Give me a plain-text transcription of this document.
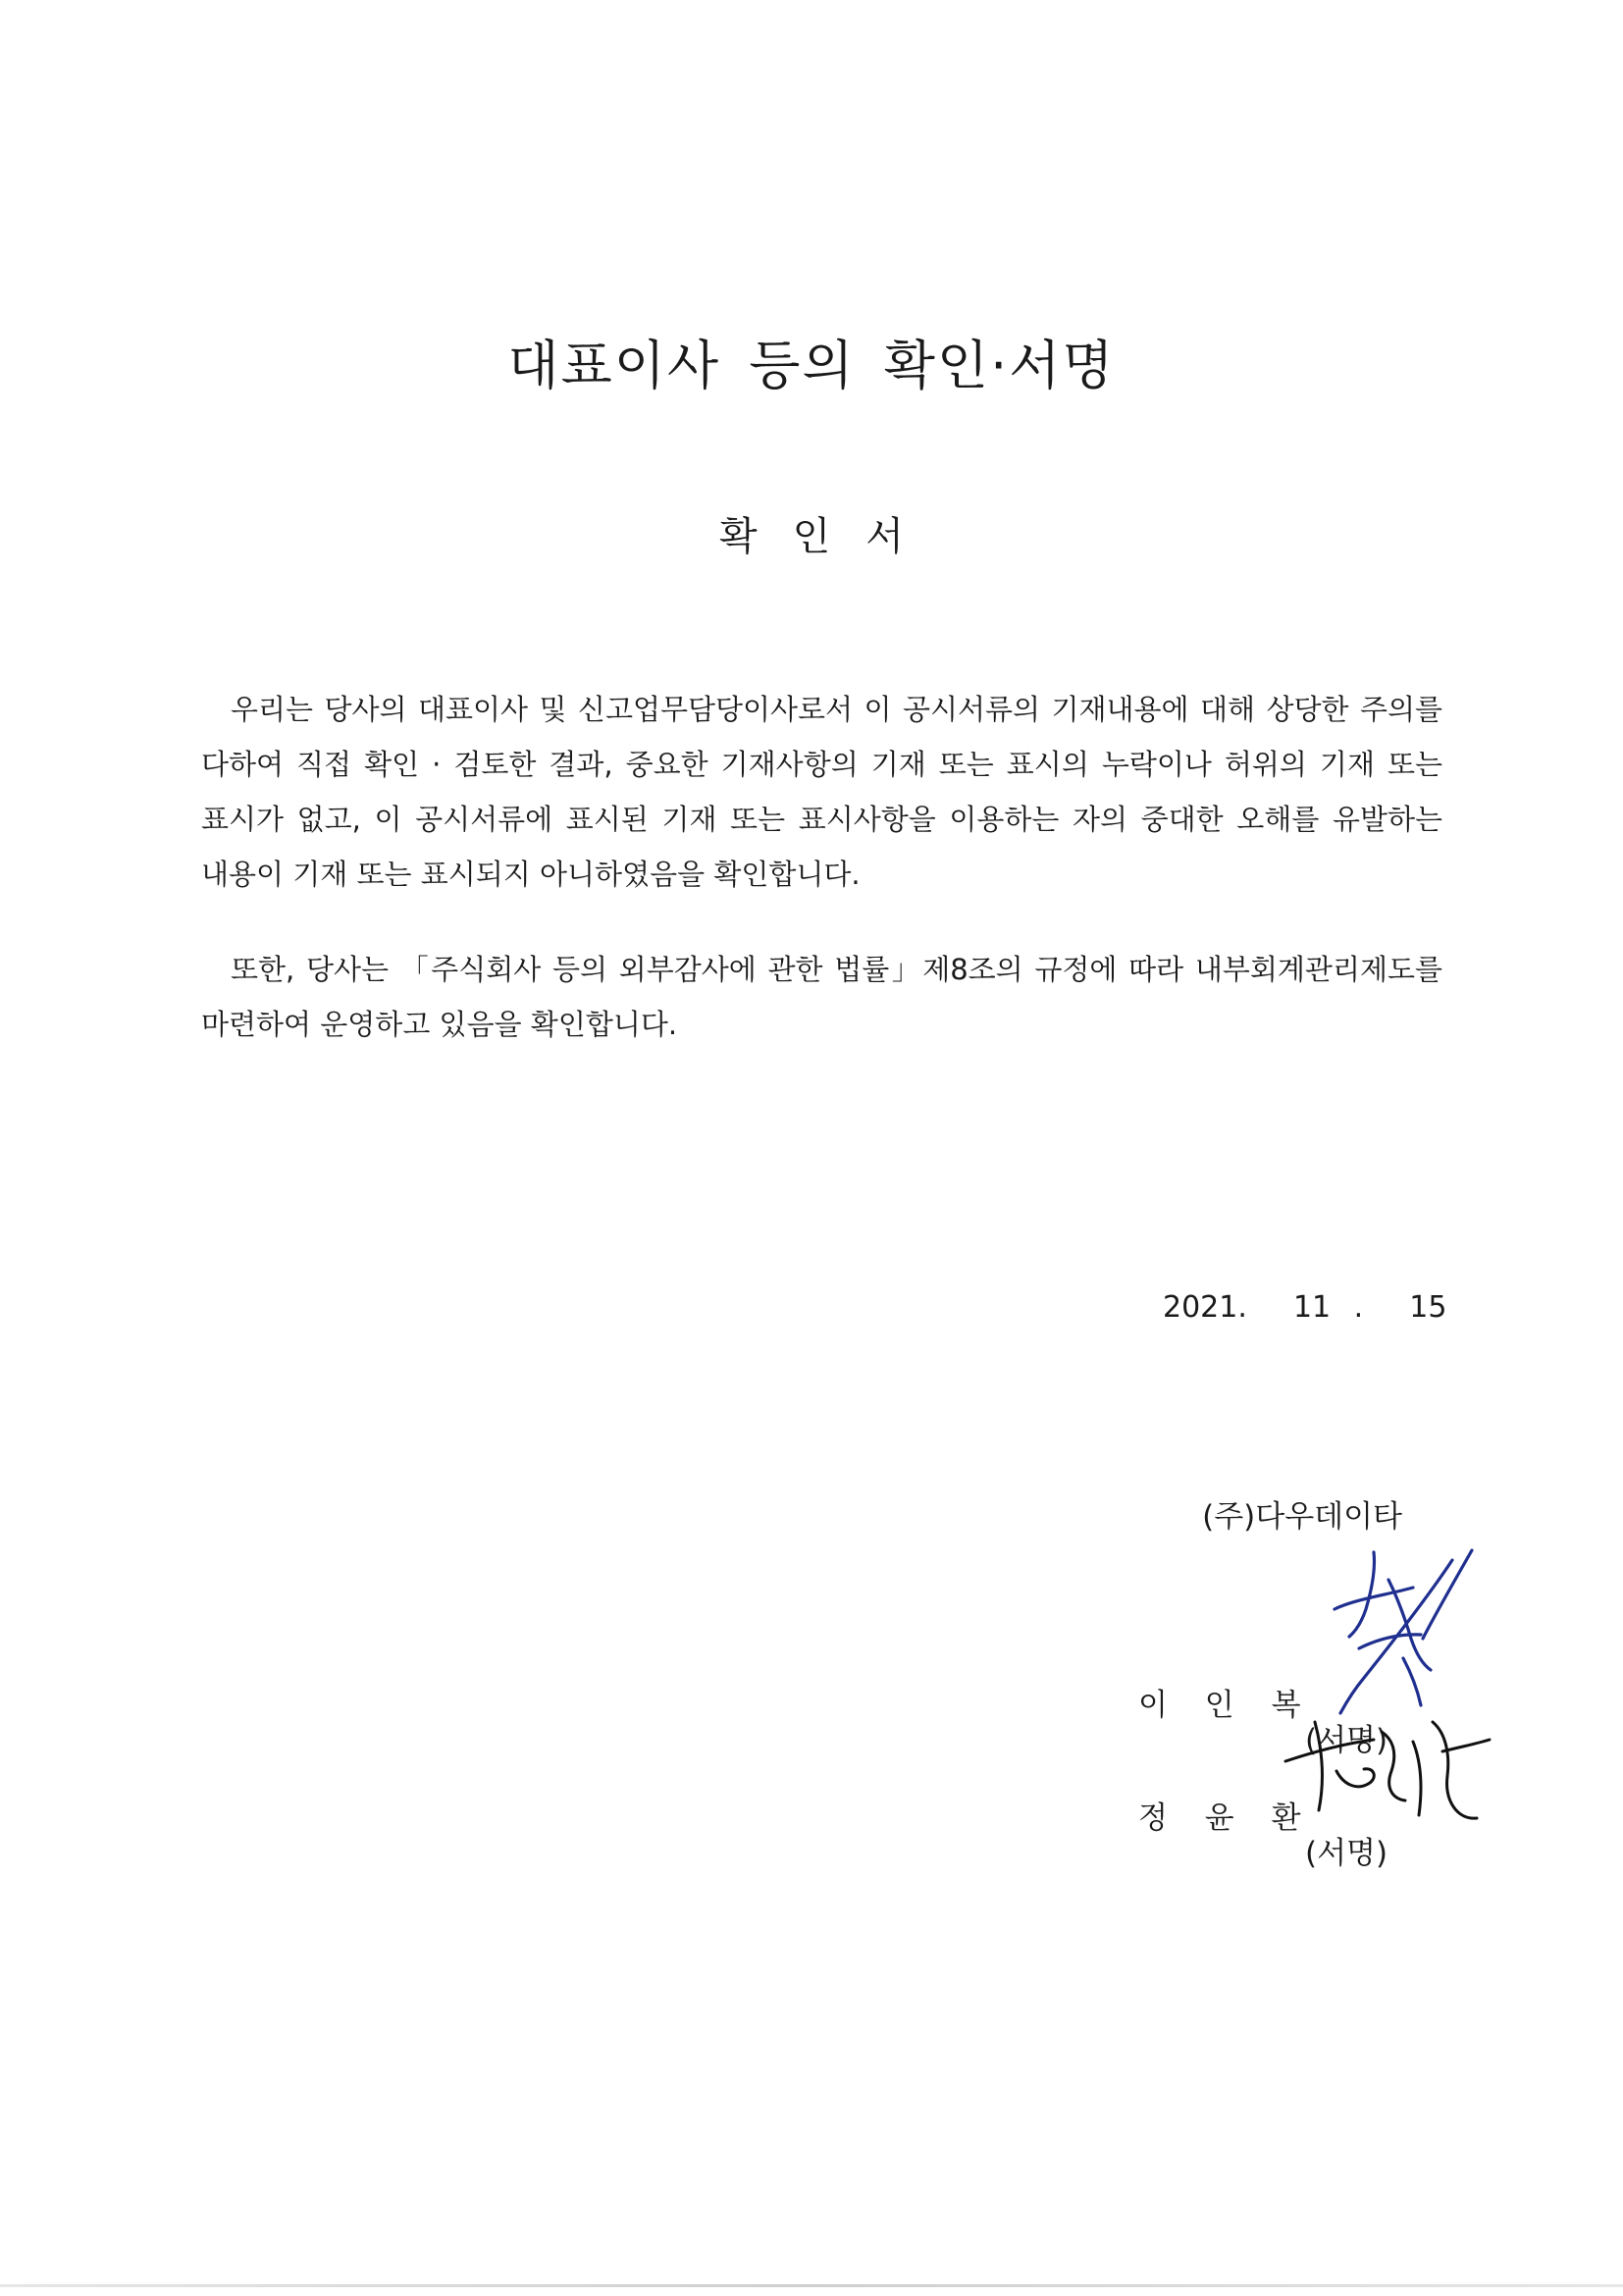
대표이사 등의 확인·서명
확인서
우리는 당사의 대표이사 및 신고업무담당이사로서 이 공시서류의 기재내용에 대해 상당한 주의를 다하여 직접 확인 · 검토한 결과, 중요한 기재사항의 기재 또는 표시의 누락이나 허위의 기재 또는 표시가 없고, 이 공시서류에 표시된 기재 또는 표시사항을 이용하는 자의 중대한 오해를 유발하는 내용이 기재 또는 표시되지 아니하였음을 확인합니다.
또한, 당사는 「주식회사 등의 외부감사에 관한 법률」제8조의 규정에 따라 내부회계관리제도를 마련하여 운영하고 있음을 확인합니다.
2021.  11 .  15
(주)다우데이타

이 인 복

(서명)

정 윤 환

(서명)
